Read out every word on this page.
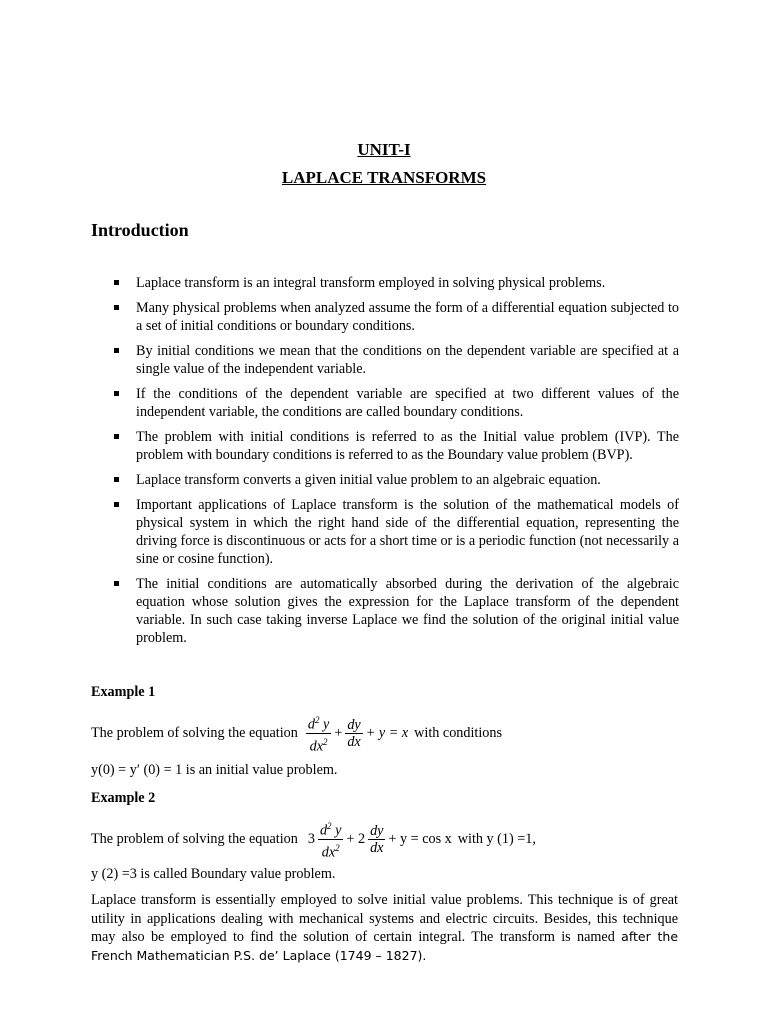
UNIT-I
LAPLACE TRANSFORMS
Introduction
Laplace transform is an integral transform employed in solving physical problems.
Many physical problems when analyzed assume the form of a differential equation subjected to a set of initial conditions or boundary conditions.
By initial conditions we mean that the conditions on the dependent variable are specified at a single value of the independent variable.
If the conditions of the dependent variable are specified at two different values of the independent variable, the conditions are called boundary conditions.
The problem with initial conditions is referred to as the Initial value problem (IVP). The problem with boundary conditions is referred to as the Boundary value problem (BVP).
Laplace transform converts a given initial value problem to an algebraic equation.
Important applications of Laplace transform is the solution of the mathematical models of physical system in which the right hand side of the differential equation, representing the driving force is discontinuous or acts for a short time or is a periodic function (not necessarily a sine or cosine function).
The initial conditions are automatically absorbed during the derivation of the algebraic equation whose solution gives the expression for the Laplace transform of the dependent variable. In such case taking inverse Laplace we find the solution of the original initial value problem.
Example 1
The problem of solving the equation $\frac{d^2 y}{dx^2} + \frac{dy}{dx} + y = x$ with conditions
y(0) = y′ (0) = 1 is an initial value problem.
Example 2
The problem of solving the equation $3 \frac{d^2 y}{dx^2} + 2 \frac{dy}{dx} + y = \cos x$ with y (1) =1,
y (2) =3 is called Boundary value problem.
Laplace transform is essentially employed to solve initial value problems. This technique is of great utility in applications dealing with mechanical systems and electric circuits. Besides, this technique may also be employed to find the solution of certain integral. The transform is named after the French Mathematician P.S. de’ Laplace (1749 – 1827).
